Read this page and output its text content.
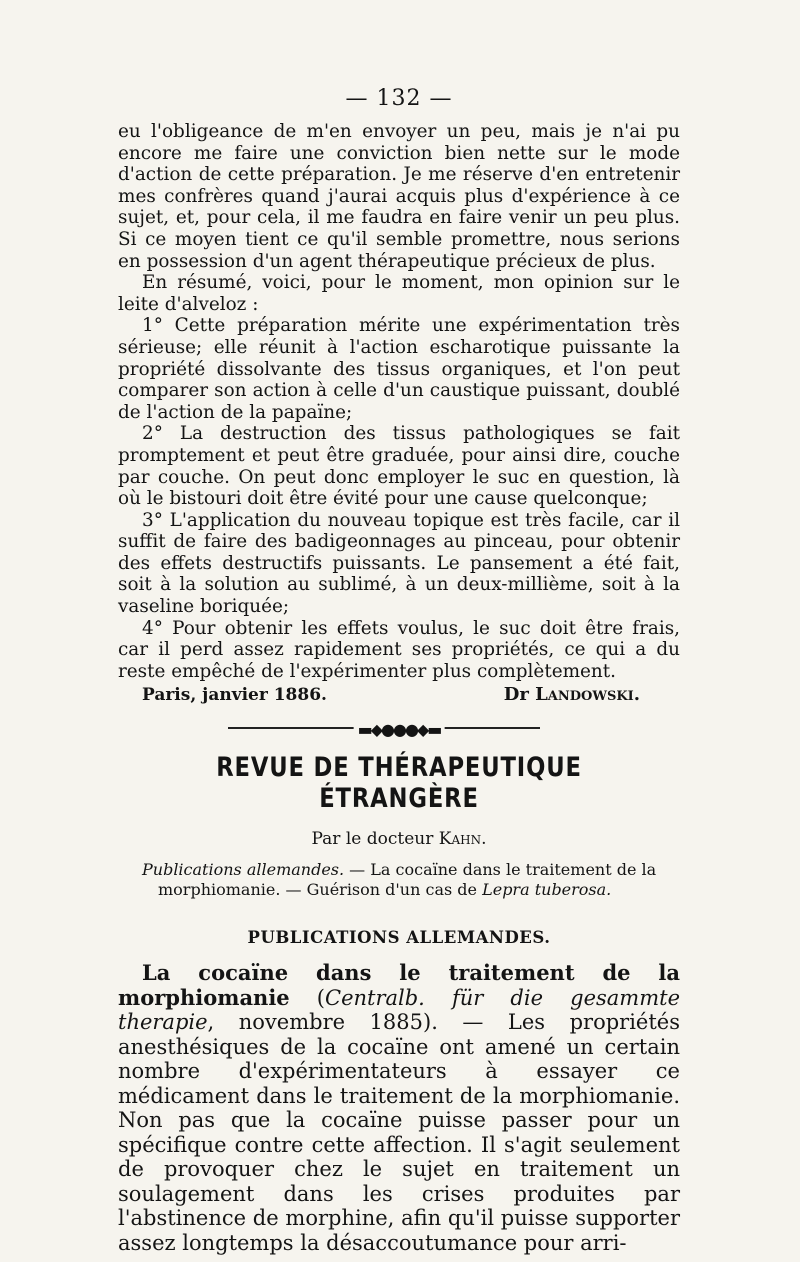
— 132 —

eu l'obligeance de m'en envoyer un peu, mais je n'ai pu encore me faire une conviction bien nette sur le mode d'action de cette préparation. Je me réserve d'en entretenir mes confrères quand j'aurai acquis plus d'expérience à ce sujet, et, pour cela, il me faudra en faire venir un peu plus. Si ce moyen tient ce qu'il semble promettre, nous serions en possession d'un agent thérapeutique précieux de plus.

En résumé, voici, pour le moment, mon opinion sur le leite d'alveloz :

1° Cette préparation mérite une expérimentation très sérieuse; elle réunit à l'action escharotique puissante la propriété dissolvante des tissus organiques, et l'on peut comparer son action à celle d'un caustique puissant, doublé de l'action de la papaïne;

2° La destruction des tissus pathologiques se fait promptement et peut être graduée, pour ainsi dire, couche par couche. On peut donc employer le suc en question, là où le bistouri doit être évité pour une cause quelconque;

3° L'application du nouveau topique est très facile, car il suffit de faire des badigeonnages au pinceau, pour obtenir des effets destructifs puissants. Le pansement a été fait, soit à la solution au sublimé, à un deux-millième, soit à la vaseline boriquée;

4° Pour obtenir les effets voulus, le suc doit être frais, car il perd assez rapidement ses propriétés, ce qui a du reste empêché de l'expérimenter plus complètement.

Paris, janvier 1886.	Dr Landowski.
▬◆●●●◆▬
REVUE DE THÉRAPEUTIQUE ÉTRANGÈRE
Par le docteur Kahn.
Publications allemandes. — La cocaïne dans le traitement de la morphiomanie. — Guérison d'un cas de Lepra tuberosa.
PUBLICATIONS ALLEMANDES.

La cocaïne dans le traitement de la morphiomanie (Centralb. für die gesammte therapie, novembre 1885). — Les propriétés anesthésiques de la cocaïne ont amené un certain nombre d'expérimentateurs à essayer ce médicament dans le traitement de la morphiomanie. Non pas que la cocaïne puisse passer pour un spécifique contre cette affection. Il s'agit seulement de provoquer chez le sujet en traitement un soulagement dans les crises produites par l'abstinence de morphine, afin qu'il puisse supporter assez longtemps la désaccoutumance pour arri-
